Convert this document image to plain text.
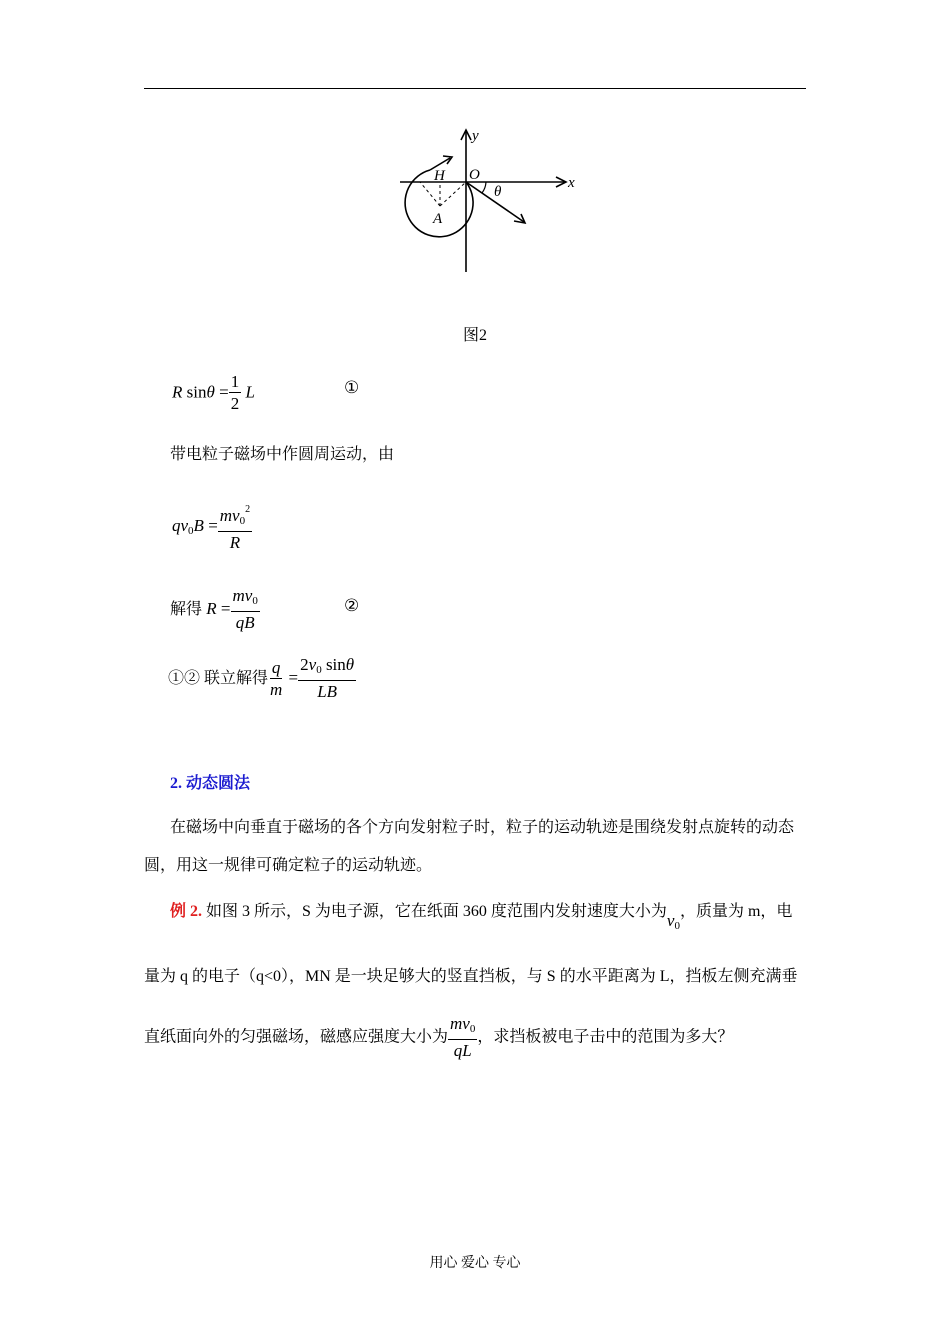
y
x
O
H
A
θ
图2
R $\sin\theta = \frac{1}{2}$ L	①
带电粒子磁场中作圆周运动，由
$qv_0B = \frac{mv_0^2}{R}$
解得 $R = \frac{mv_0}{qB}$	②
①② 联立解得 $\frac{q}{m} = \frac{2v_0 \sin\theta}{LB}$
2. 动态圆法
在磁场中向垂直于磁场的各个方向发射粒子时，粒子的运动轨迹是围绕发射点旋转的动态圆，用这一规律可确定粒子的运动轨迹。
例 2. 如图 3 所示，S 为电子源，它在纸面 360 度范围内发射速度大小为$v_0$，质量为 m，电
量为 q 的电子（q<0），MN 是一块足够大的竖直挡板，与 S 的水平距离为 L，挡板左侧充满垂
直纸面向外的匀强磁场，磁感应强度大小为 $\frac{mv_0}{qL}$ ，求挡板被电子击中的范围为多大？
用心 爱心 专心
